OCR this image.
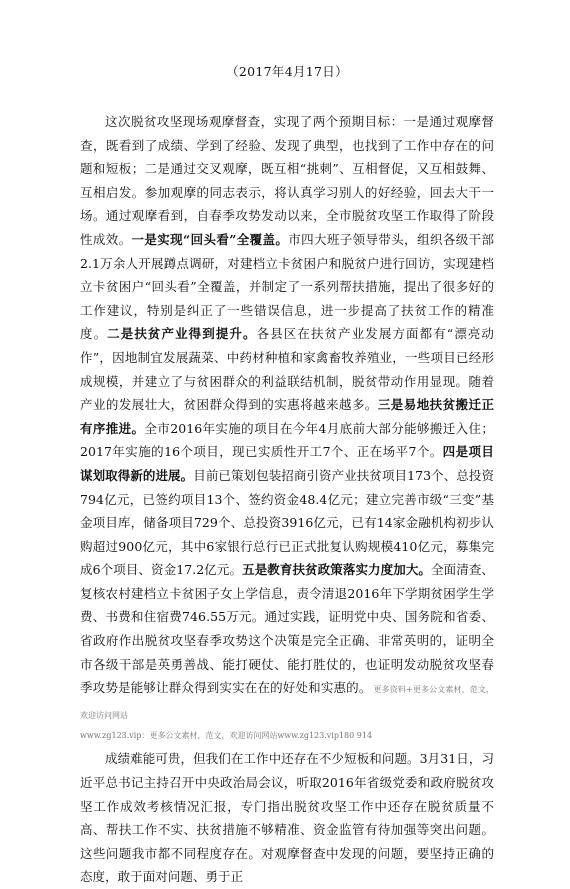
（2017年4月17日）

这次脱贫攻坚现场观摩督查，实现了两个预期目标：一是通过观摩督查，既看到了成绩、学到了经验、发现了典型，也找到了工作中存在的问题和短板；二是通过交叉观摩，既互相“挑刺”、互相督促，又互相鼓舞、互相启发。参加观摩的同志表示，将认真学习别人的好经验，回去大干一场。通过观摩看到，自春季攻势发动以来，全市脱贫攻坚工作取得了阶段性成效。一是实现“回头看”全覆盖。市四大班子领导带头，组织各级干部2.1万余人开展蹲点调研，对建档立卡贫困户和脱贫户进行回访，实现建档立卡贫困户“回头看”全覆盖，并制定了一系列帮扶措施，提出了很多好的工作建议，特别是纠正了一些错误信息，进一步提高了扶贫工作的精准度。二是扶贫产业得到提升。各县区在扶贫产业发展方面都有“漂亮动作”，因地制宜发展蔬菜、中药材种植和家禽畜牧养殖业，一些项目已经形成规模，并建立了与贫困群众的利益联结机制，脱贫带动作用显现。随着产业的发展壮大，贫困群众得到的实惠将越来越多。三是易地扶贫搬迁正有序推进。全市2016年实施的项目在今年4月底前大部分能够搬迁入住；2017年实施的16个项目，现已实质性开工7个、正在场平7个。四是项目谋划取得新的进展。目前已策划包装招商引资产业扶贫项目173个、总投资794亿元，已签约项目13个、签约资金48.4亿元；建立完善市级“三变”基金项目库，储备项目729个、总投资3916亿元，已有14家金融机构初步认购超过900亿元，其中6家银行总行已正式批复认购规模410亿元，募集完成6个项目、资金17.2亿元。五是教育扶贫政策落实力度加大。全面清查、复核农村建档立卡贫困子女上学信息，责令清退2016年下学期贫困学生学费、书费和住宿费746.55万元。通过实践，证明党中央、国务院和省委、省政府作出脱贫攻坚春季攻势这个决策是完全正确、非常英明的，证明全市各级干部是英勇善战、能打硬仗、能打胜仗的，也证明发动脱贫攻坚春季攻势是能够让群众得到实实在在的好处和实惠的。 更多资料+更多公文素材，范文，欢迎访问网站

www.zg123.vip：更多公文素材，范文，欢迎访问网站www.zg123.vip180 914

成绩难能可贵，但我们在工作中还存在不少短板和问题。3月31日，习近平总书记主持召开中央政治局会议，听取2016年省级党委和政府脱贫攻坚工作成效考核情况汇报，专门指出脱贫攻坚工作中还存在脱贫质量不高、帮扶工作不实、扶贫措施不够精准、资金监管有待加强等突出问题。这些问题我市都不同程度存在。对观摩督查中发现的问题，要坚持正确的态度，敢于面对问题、勇于正
